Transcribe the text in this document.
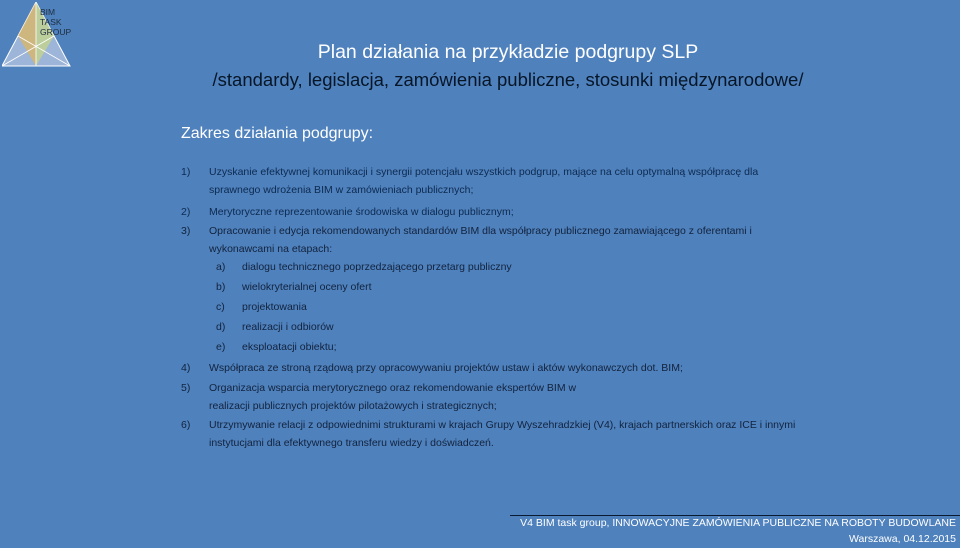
BIM
TASK
GROUP
Plan działania na przykładzie podgrupy SLP
/standardy, legislacja, zamówienia publiczne, stosunki międzynarodowe/
Zakres działania podgrupy:
1) Uzyskanie efektywnej komunikacji i synergii potencjału wszystkich podgrup, mające na celu optymalną współpracę dla sprawnego wdrożenia BIM w zamówieniach publicznych;
2) Merytoryczne reprezentowanie środowiska w dialogu publicznym;
3) Opracowanie i edycja rekomendowanych standardów BIM dla współpracy publicznego zamawiającego z oferentami i wykonawcami na etapach:
a) dialogu technicznego poprzedzającego przetarg publiczny
b) wielokryterialnej oceny ofert
c) projektowania
d) realizacji i odbiorów
e) eksploatacji obiektu;
4) Współpraca ze stroną rządową przy opracowywaniu projektów ustaw i aktów wykonawczych dot. BIM;
5) Organizacja wsparcia merytorycznego oraz rekomendowanie ekspertów BIM w realizacji publicznych projektów pilotażowych i strategicznych;
6) Utrzymywanie relacji z odpowiednimi strukturami w krajach Grupy Wyszehradzkiej (V4), krajach partnerskich oraz ICE i innymi instytucjami dla efektywnego transferu wiedzy i doświadczeń.
V4 BIM task group, INNOWACYJNE ZAMÓWIENIA PUBLICZNE NA ROBOTY BUDOWLANE
Warszawa, 04.12.2015
